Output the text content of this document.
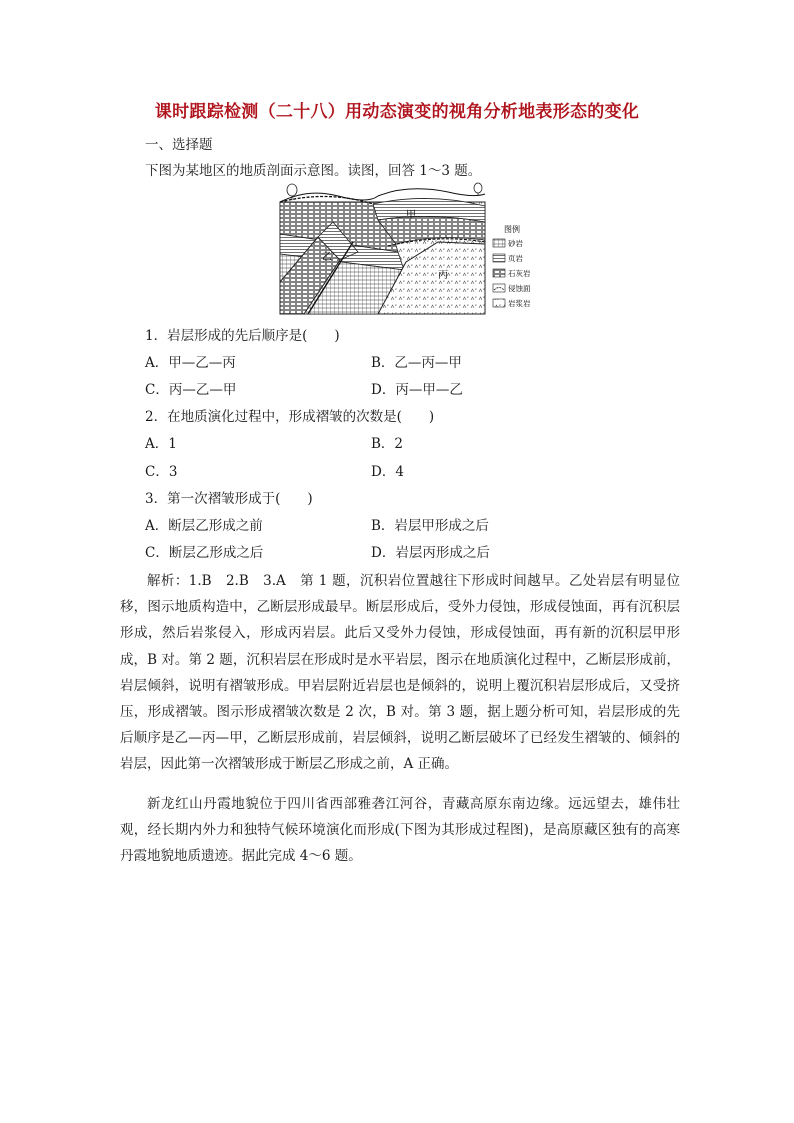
课时跟踪检测（二十八）用动态演变的视角分析地表形态的变化
一、选择题
下图为某地区的地质剖面示意图。读图，回答 1～3 题。
甲
乙
丙
图例
砂岩
页岩
石灰岩
侵蚀面
岩浆岩
1．岩层形成的先后顺序是(　　)
A．甲—乙—丙	B．乙—丙—甲
C．丙—乙—甲	D．丙—甲—乙
2．在地质演化过程中，形成褶皱的次数是(　　)
A．1	B．2
C．3	D．4
3．第一次褶皱形成于(　　)
A．断层乙形成之前	B．岩层甲形成之后
C．断层乙形成之后	D．岩层丙形成之后

解析：1.B　2.B　3.A　第 1 题，沉积岩位置越往下形成时间越早。乙处岩层有明显位移，图示地质构造中，乙断层形成最早。断层形成后，受外力侵蚀，形成侵蚀面，再有沉积层形成，然后岩浆侵入，形成丙岩层。此后又受外力侵蚀，形成侵蚀面，再有新的沉积层甲形成，B 对。第 2 题，沉积岩层在形成时是水平岩层，图示在地质演化过程中，乙断层形成前，岩层倾斜，说明有褶皱形成。甲岩层附近岩层也是倾斜的，说明上覆沉积岩层形成后，又受挤压，形成褶皱。图示形成褶皱次数是 2 次，B 对。第 3 题，据上题分析可知，岩层形成的先后顺序是乙—丙—甲，乙断层形成前，岩层倾斜，说明乙断层破坏了已经发生褶皱的、倾斜的岩层，因此第一次褶皱形成于断层乙形成之前，A 正确。

新龙红山丹霞地貌位于四川省西部雅砻江河谷，青藏高原东南边缘。远远望去，雄伟壮观，经长期内外力和独特气候环境演化而形成(下图为其形成过程图)，是高原藏区独有的高寒丹霞地貌地质遗迹。据此完成 4～6 题。
